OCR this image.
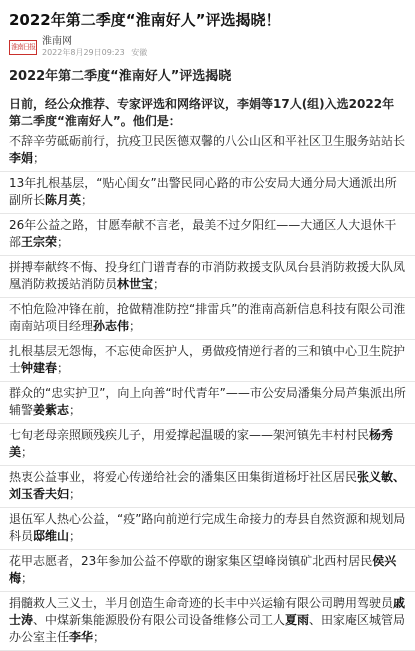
2022年第二季度“淮南好人”评选揭晓！
淮南日报 淮南网
2022年8月29日09:23 安徽
2022年第二季度“淮南好人”评选揭晓
日前，经公众推荐、专家评选和网络评议，李娟等17人(组)入选2022年第二季度“淮南好人”。他们是：
不辞辛劳砥砺前行，抗疫卫民医德双馨的八公山区和平社区卫生服务站站长李娟；
13年扎根基层，“贴心闺女”出警民同心路的市公安局大通分局大通派出所副所长陈月英；
26年公益之路，甘愿奉献不言老，最美不过夕阳红——大通区人大退休干部王宗荣；
拼搏奉献终不悔、投身红门谱青春的市消防救援支队凤台县消防救援大队凤凰消防救援站消防员林世宝；
不怕危险冲锋在前，抢做精准防控“排雷兵”的淮南高新信息科技有限公司淮南南站项目经理孙志伟；
扎根基层无怨悔，不忘使命医护人，勇做疫情逆行者的三和镇中心卫生院护士钟建春；
群众的“忠实护卫”，向上向善“时代青年”——市公安局潘集分局芦集派出所辅警姜紫志；
七旬老母亲照顾残疾儿子，用爱撑起温暖的家——架河镇先丰村村民杨秀美；
热衷公益事业，将爱心传递给社会的潘集区田集街道杨圩社区居民张义敏、刘玉香夫妇；
退伍军人热心公益，“疫”路向前逆行完成生命接力的寿县自然资源和规划局科员邸维山；
花甲志愿者，23年参加公益不停歇的谢家集区望峰岗镇矿北西村居民侯兴梅；
捐髓救人三义士，半月创造生命奇迹的长丰中兴运输有限公司聘用驾驶员戚士涛、中煤新集能源股份有限公司设备维修公司工人夏雨、田家庵区城管局办公室主任李华；
